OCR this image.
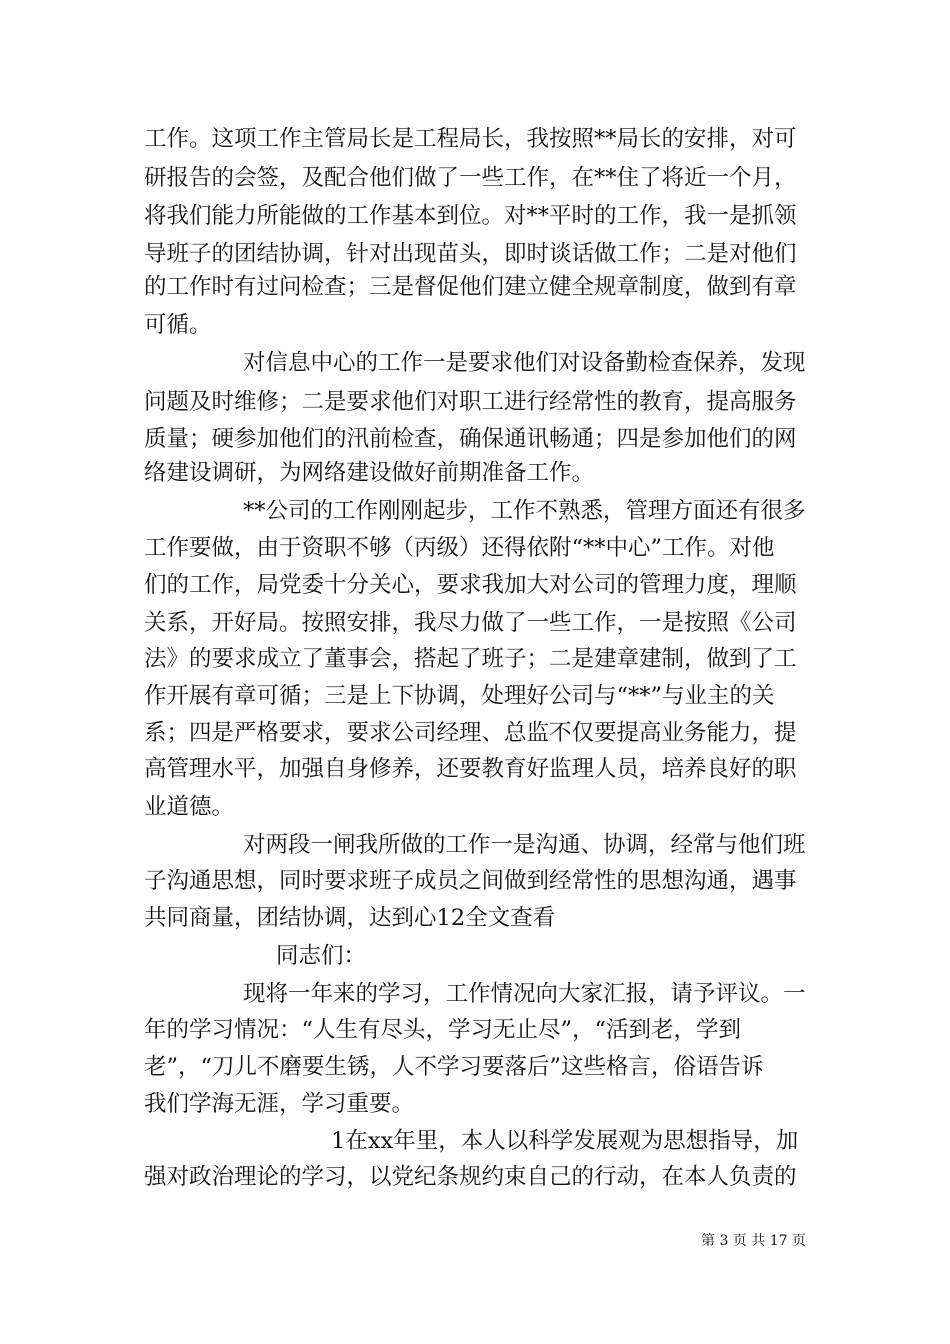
工作。这项工作主管局长是工程局长，我按照**局长的安排，对可
研报告的会签，及配合他们做了一些工作，在**住了将近一个月，
将我们能力所能做的工作基本到位。对**平时的工作，我一是抓领
导班子的团结协调，针对出现苗头，即时谈话做工作；二是对他们
的工作时有过问检查；三是督促他们建立健全规章制度，做到有章
可循。
对信息中心的工作一是要求他们对设备勤检查保养，发现
问题及时维修；二是要求他们对职工进行经常性的教育，提高服务
质量；硬参加他们的汛前检查，确保通讯畅通；四是参加他们的网
络建设调研，为网络建设做好前期准备工作。
**公司的工作刚刚起步，工作不熟悉，管理方面还有很多
工作要做，由于资职不够（丙级）还得依附“**中心”工作。对他
们的工作，局党委十分关心，要求我加大对公司的管理力度，理顺
关系，开好局。按照安排，我尽力做了一些工作，一是按照《公司
法》的要求成立了董事会，搭起了班子；二是建章建制，做到了工
作开展有章可循；三是上下协调，处理好公司与“**”与业主的关
系；四是严格要求，要求公司经理、总监不仅要提高业务能力，提
高管理水平，加强自身修养，还要教育好监理人员，培养良好的职
业道德。
对两段一闸我所做的工作一是沟通、协调，经常与他们班
子沟通思想，同时要求班子成员之间做到经常性的思想沟通，遇事
共同商量，团结协调，达到心12全文查看
同志们：
现将一年来的学习，工作情况向大家汇报，请予评议。一
年的学习情况：“人生有尽头，学习无止尽”，“活到老，学到
老”，“刀儿不磨要生锈，人不学习要落后”这些格言，俗语告诉
我们学海无涯，学习重要。
1在xx年里，本人以科学发展观为思想指导，加
强对政治理论的学习，以党纪条规约束自己的行动，在本人负责的
第 3 页 共 17 页
